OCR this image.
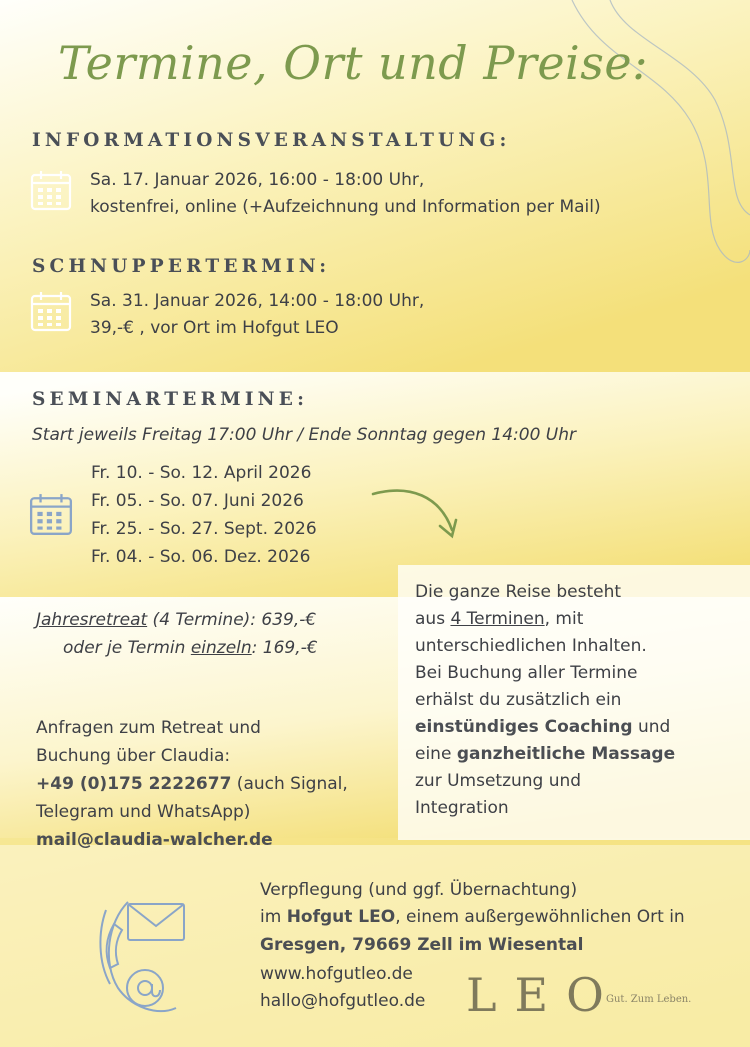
Termine, Ort und Preise:
INFORMATIONSVERANSTALTUNG:
Sa. 17. Januar 2026, 16:00 - 18:00 Uhr,
kostenfrei, online (+Aufzeichnung und Information per Mail)
SCHNUPPERTERMIN:
Sa. 31. Januar 2026, 14:00 - 18:00 Uhr,
39,-€ , vor Ort im Hofgut LEO
SEMINARTERMINE:
Start jeweils Freitag 17:00 Uhr / Ende Sonntag gegen 14:00 Uhr
Fr. 10. - So. 12. April 2026
Fr. 05. - So. 07. Juni 2026
Fr. 25. - So. 27. Sept. 2026
Fr. 04. - So. 06. Dez. 2026
Jahresretreat (4 Termine): 639,-€
oder je Termin einzeln: 169,-€
Anfragen zum Retreat und
Buchung über Claudia:
+49 (0)175 2222677 (auch Signal,
Telegram und WhatsApp)
mail@claudia-walcher.de
Die ganze Reise besteht
aus 4 Terminen, mit
unterschiedlichen Inhalten.
Bei Buchung aller Termine
erhälst du zusätzlich ein
einstündiges Coaching und
eine ganzheitliche Massage
zur Umsetzung und
Integration
Verpflegung (und ggf. Übernachtung)
im Hofgut LEO, einem außergewöhnlichen Ort in
Gresgen, 79669 Zell im Wiesental
www.hofgutleo.de
hallo@hofgutleo.de LEO
Gut. Zum Leben.
